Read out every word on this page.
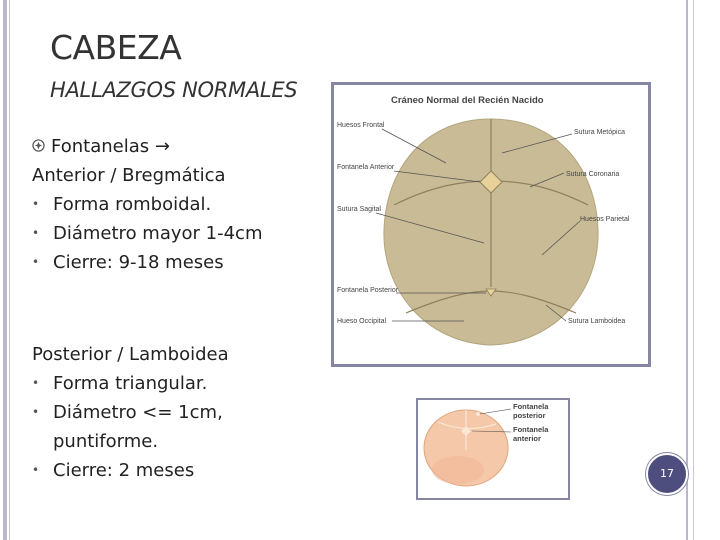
CABEZA
HALLAZGOS NORMALES
Fontanelas →
Anterior / Bregmática
• Forma romboidal.
• Diámetro mayor 1-4cm
• Cierre: 9-18 meses
Posterior / Lamboidea
• Forma triangular.
• Diámetro <= 1cm,
puntiforme.
• Cierre: 2 meses
Cráneo Normal del Recién Nacido
Huesos Frontal
Fontanela Anterior
Sutura Sagital
Fontanela Posterior
Hueso Occipital
Sutura Metópica
Sutura Coronaria
Huesos Parietal
Sutura Lamboidea
Fontanela posterior
Fontanela anterior
17
